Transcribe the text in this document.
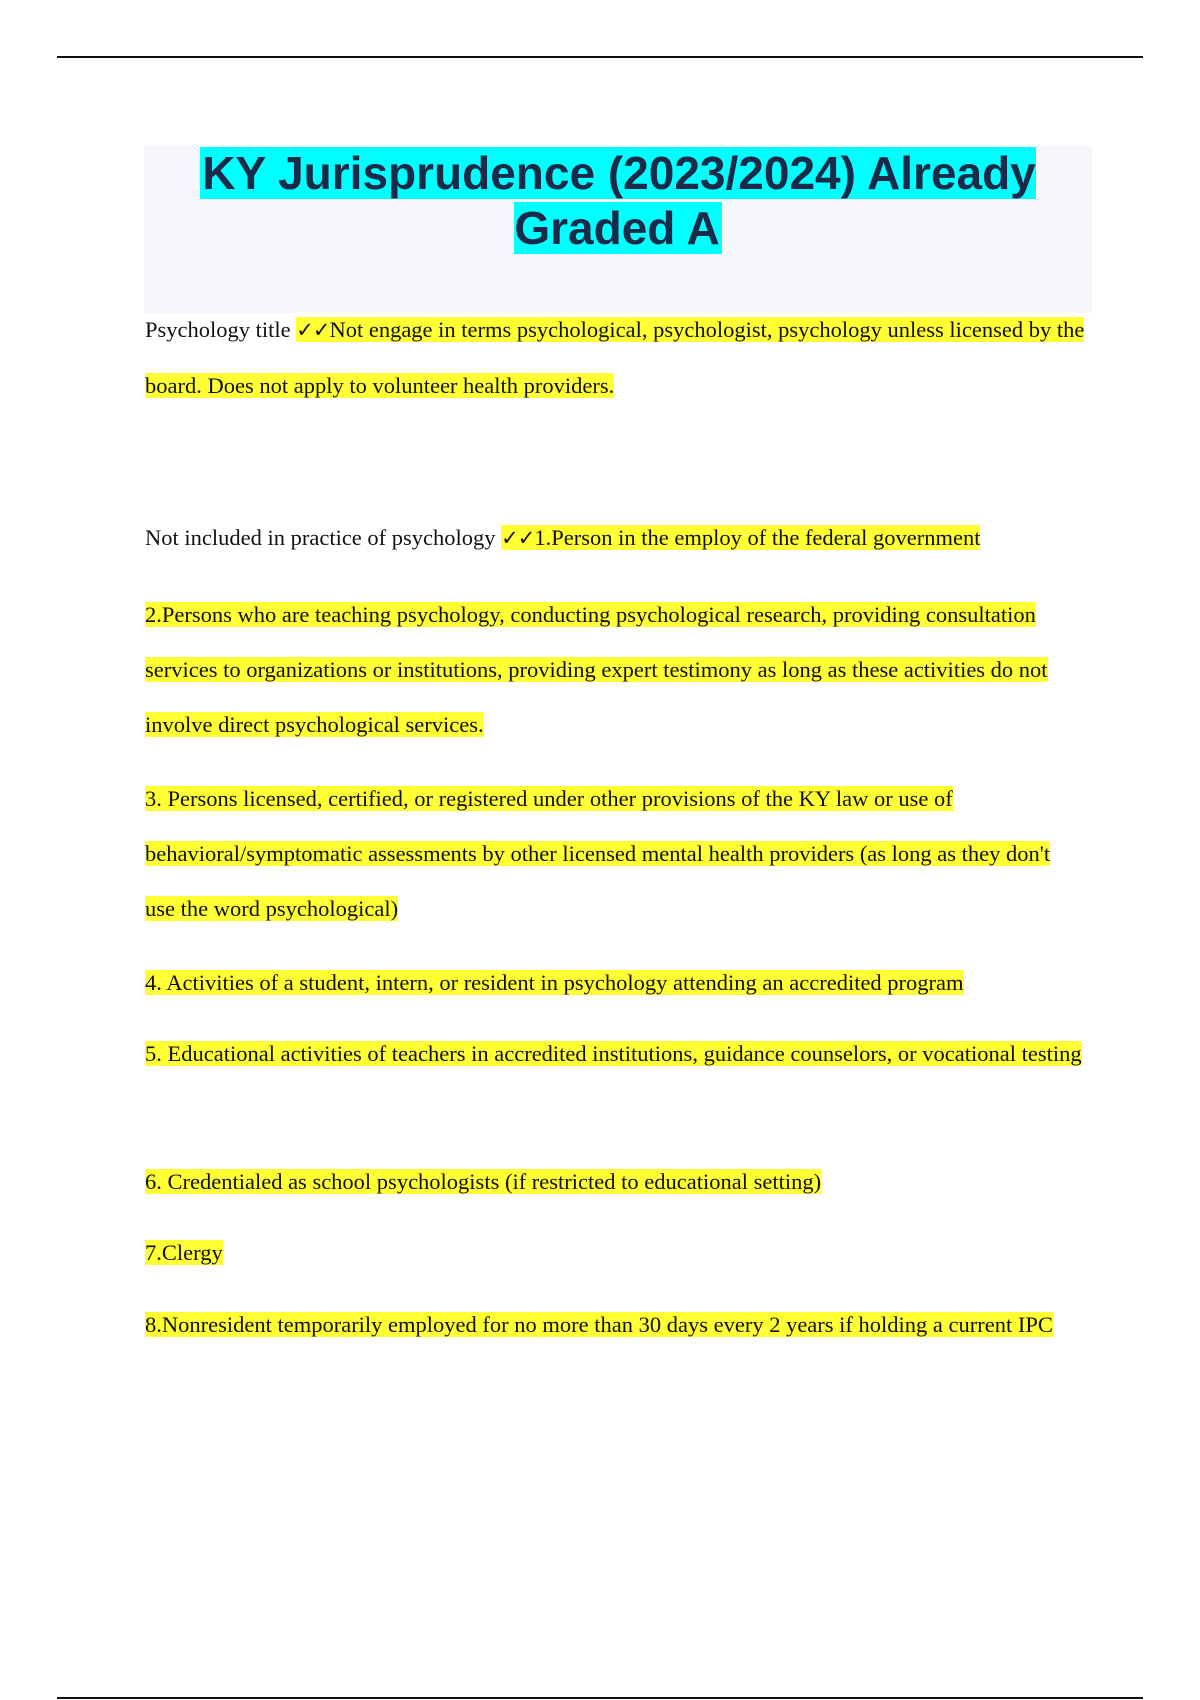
KY Jurisprudence (2023/2024) Already Graded A

Psychology title ✓✓Not engage in terms psychological, psychologist, psychology unless licensed by the board. Does not apply to volunteer health providers.

Not included in practice of psychology ✓✓1.Person in the employ of the federal government

2.Persons who are teaching psychology, conducting psychological research, providing consultation services to organizations or institutions, providing expert testimony as long as these activities do not involve direct psychological services.

3. Persons licensed, certified, or registered under other provisions of the KY law or use of behavioral/symptomatic assessments by other licensed mental health providers (as long as they don't use the word psychological)

4. Activities of a student, intern, or resident in psychology attending an accredited program

5. Educational activities of teachers in accredited institutions, guidance counselors, or vocational testing

6. Credentialed as school psychologists (if restricted to educational setting)

7.Clergy

8.Nonresident temporarily employed for no more than 30 days every 2 years if holding a current IPC
